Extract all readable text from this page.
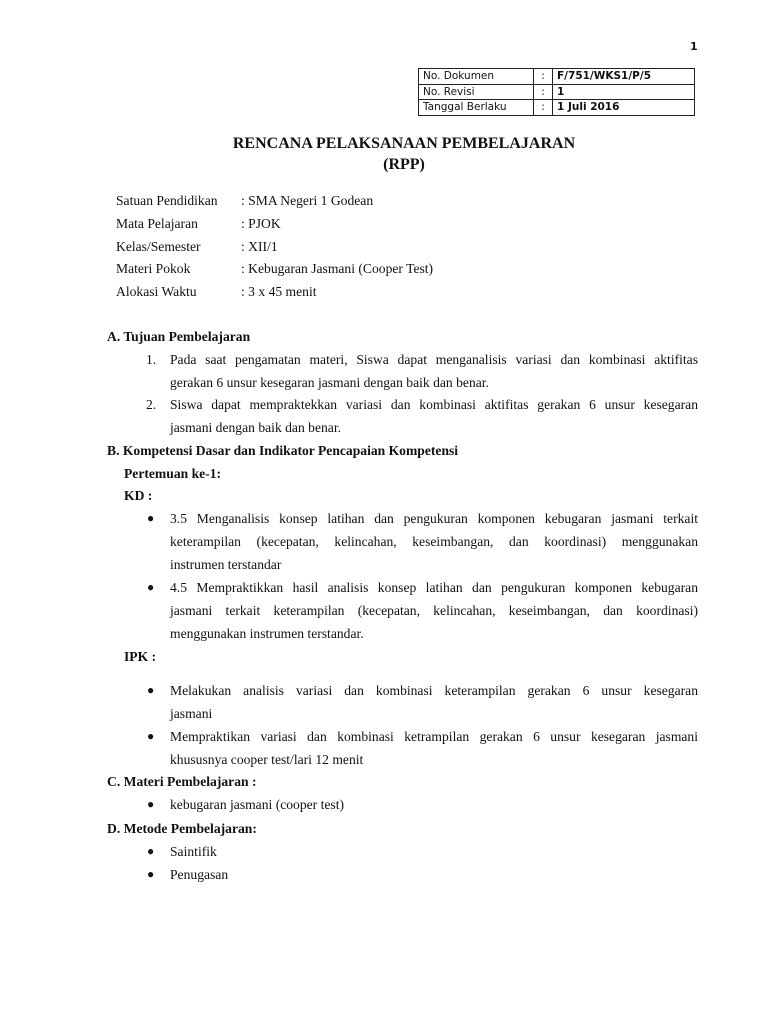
1
No. Dokumen	:	F/751/WKS1/P/5
No. Revisi	:	1
Tanggal Berlaku	:	1 Juli 2016
RENCANA PELAKSANAAN PEMBELAJARAN
(RPP)
Satuan Pendidikan : SMA Negeri 1 Godean
Mata Pelajaran	: PJOK
Kelas/Semester	: XII/1
Materi Pokok	: Kebugaran Jasmani (Cooper Test)
Alokasi Waktu	: 3 x 45 menit
A. Tujuan Pembelajaran
1. Pada saat pengamatan materi, Siswa dapat menganalisis variasi dan kombinasi aktifitas
gerakan 6 unsur kesegaran jasmani dengan baik dan benar.
2. Siswa dapat mempraktekkan variasi dan kombinasi aktifitas gerakan 6 unsur kesegaran
jasmani dengan baik dan benar.
B. Kompetensi Dasar dan Indikator Pencapaian Kompetensi
Pertemuan ke-1:
KD :
● 3.5 Menganalisis konsep latihan dan pengukuran komponen kebugaran jasmani terkait
keterampilan (kecepatan, kelincahan, keseimbangan, dan koordinasi) menggunakan
instrumen terstandar
● 4.5 Mempraktikkan hasil analisis konsep latihan dan pengukuran komponen kebugaran
jasmani terkait keterampilan (kecepatan, kelincahan, keseimbangan, dan koordinasi)
menggunakan instrumen terstandar.
IPK :
● Melakukan analisis variasi dan kombinasi keterampilan gerakan 6 unsur kesegaran
jasmani
● Mempraktikan variasi dan kombinasi ketrampilan gerakan 6 unsur kesegaran jasmani
khususnya cooper test/lari 12 menit
C. Materi Pembelajaran :
● kebugaran jasmani (cooper test)
D. Metode Pembelajaran:
● Saintifik
● Penugasan
